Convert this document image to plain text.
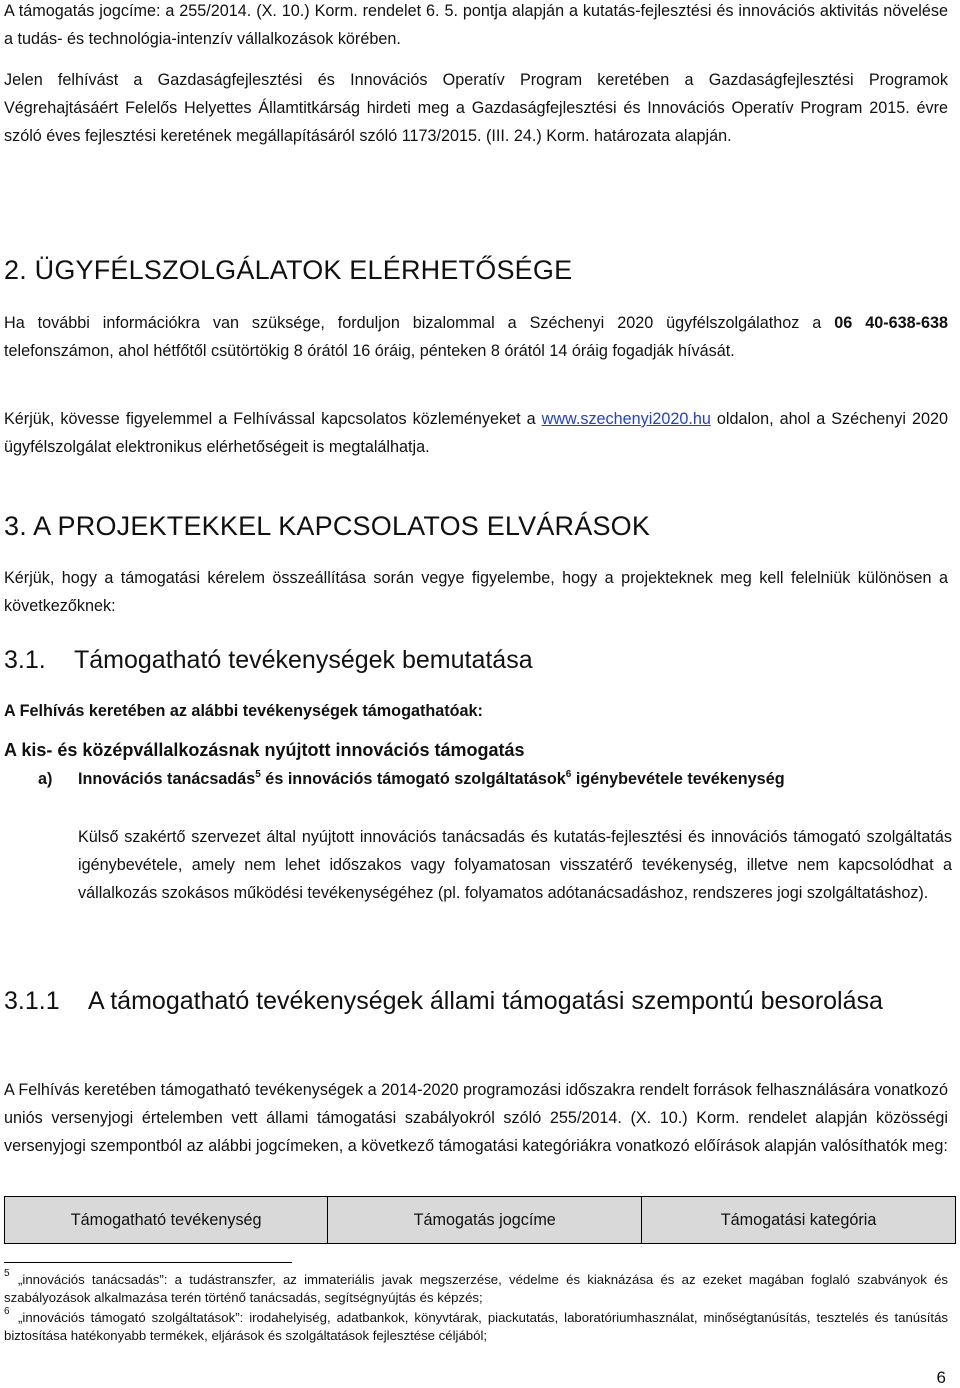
A támogatás jogcíme: a 255/2014. (X. 10.) Korm. rendelet 6. 5. pontja alapján a kutatás-fejlesztési és innovációs aktivitás növelése a tudás- és technológia-intenzív vállalkozások körében.

Jelen felhívást a Gazdaságfejlesztési és Innovációs Operatív Program keretében a Gazdaságfejlesztési Programok Végrehajtásáért Felelős Helyettes Államtitkárság hirdeti meg a Gazdaságfejlesztési és Innovációs Operatív Program 2015. évre szóló éves fejlesztési keretének megállapításáról szóló 1173/2015. (III. 24.) Korm. határozata alapján.

2. ÜGYFÉLSZOLGÁLATOK ELÉRHETŐSÉGE

Ha további információkra van szüksége, forduljon bizalommal a Széchenyi 2020 ügyfélszolgálathoz a 06 40-638-638 telefonszámon, ahol hétfőtől csütörtökig 8 órától 16 óráig, pénteken 8 órától 14 óráig fogadják hívását.

Kérjük, kövesse figyelemmel a Felhívással kapcsolatos közleményeket a www.szechenyi2020.hu oldalon, ahol a Széchenyi 2020 ügyfélszolgálat elektronikus elérhetőségeit is megtalálhatja.

3. A PROJEKTEKKEL KAPCSOLATOS ELVÁRÁSOK

Kérjük, hogy a támogatási kérelem összeállítása során vegye figyelembe, hogy a projekteknek meg kell felelniük különösen a következőknek:

3.1.	Támogatható tevékenységek bemutatása

A Felhívás keretében az alábbi tevékenységek támogathatóak:

A kis- és középvállalkozásnak nyújtott innovációs támogatás

a) Innovációs tanácsadás$^5$ és innovációs támogató szolgáltatások$^6$ igénybevétele tevékenység

Külső szakértő szervezet által nyújtott innovációs tanácsadás és kutatás-fejlesztési és innovációs támogató szolgáltatás igénybevétele, amely nem lehet időszakos vagy folyamatosan visszatérő tevékenység, illetve nem kapcsolódhat a vállalkozás szokásos működési tevékenységéhez (pl. folyamatos adótanácsadáshoz, rendszeres jogi szolgáltatáshoz).

3.1.1	A támogatható tevékenységek állami támogatási szempontú besorolása

A Felhívás keretében támogatható tevékenységek a 2014-2020 programozási időszakra rendelt források felhasználására vonatkozó uniós versenyjogi értelemben vett állami támogatási szabályokról szóló 255/2014. (X. 10.) Korm. rendelet alapján közösségi versenyjogi szempontból az alábbi jogcímeken, a következő támogatási kategóriákra vonatkozó előírások alapján valósíthatók meg:

Támogatható tevékenység	Támogatás jogcíme	Támogatási kategória
5 „innovációs tanácsadás”: a tudástranszfer, az immateriális javak megszerzése, védelme és kiaknázása és az ezeket magában foglaló szabványok és szabályozások alkalmazása terén történő tanácsadás, segítségnyújtás és képzés;

6 „innovációs támogató szolgáltatások”: irodahelyiség, adatbankok, könyvtárak, piackutatás, laboratóriumhasználat, minőségtanúsítás, tesztelés és tanúsítás biztosítása hatékonyabb termékek, eljárások és szolgáltatások fejlesztése céljából;

6
